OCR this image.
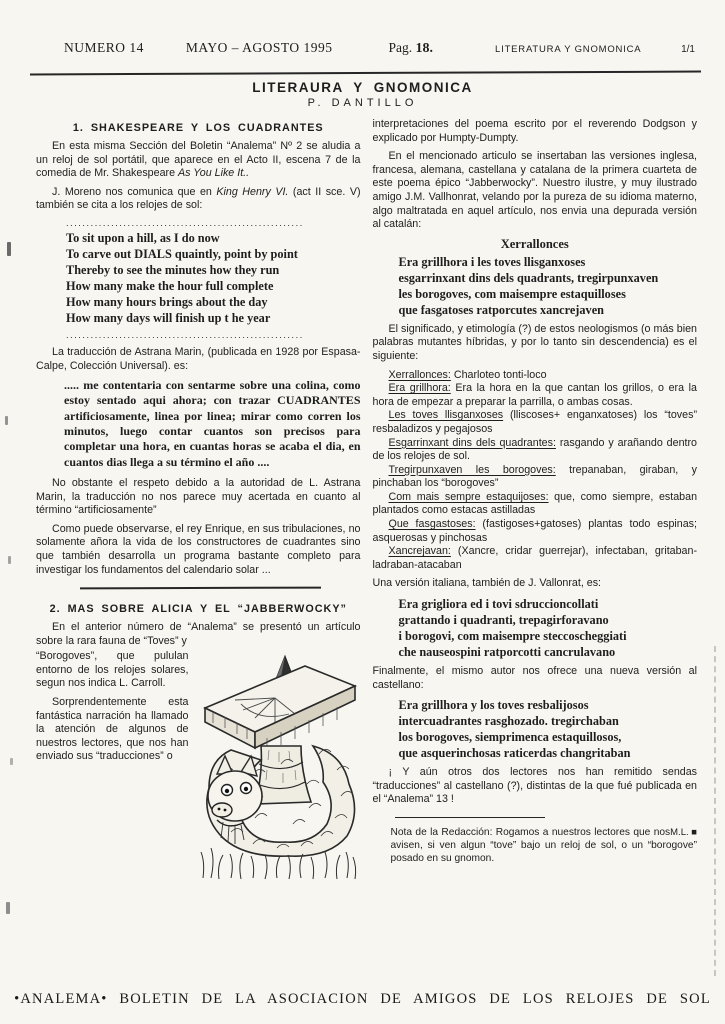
NUMERO 14	MAYO – AGOSTO 1995	Pag. 18.	LITERATURA Y GNOMONICA	1/1
LITERAURA Y GNOMONICA
P. DANTILLO
1. SHAKESPEARE Y LOS CUADRANTES

En esta misma Sección del Boletin “Analema” Nº 2 se aludia a un reloj de sol portátil, que aparece en el Acto II, escena 7 de la comedia de Mr. Shakespeare As You Like It..

J. Moreno nos comunica que en King Henry VI. (act II sce. V) también se cita a los relojes de sol:

..........................................................
To sit upon a hill, as I do now
To carve out DIALS quaintly, point by point
Thereby to see the minutes how they run
How many make the hour full complete
How many hours brings about the day
How many days will finish up t he year
..........................................................

La traducción de Astrana Marin, (publicada en 1928 por Espasa-Calpe, Colección Universal). es:

..... me contentaria con sentarme sobre una colina, como estoy sentado aqui ahora; con trazar CUADRANTES artificiosamente, linea por linea; mirar como corren los minutos, luego contar cuantos son precisos para completar una hora, en cuantas horas se acaba el dia, en cuantos dias llega a su término el año ....

No obstante el respeto debido a la autoridad de L. Astrana Marin, la traducción no nos parece muy acertada en cuanto al término “artificiosamente”

Como puede observarse, el rey Enrique, en sus tribulaciones, no solamente añora la vida de los constructores de cuadrantes sino que también desarrolla un programa bastante completo para investigar los fundamentos del calendario solar ...

2. MAS SOBRE ALICIA Y EL “JABBERWOCKY”

En el anterior número de “Analema” se presentó un artículo sobre la rara fauna de “Toves” y

“Borogoves”, que pululan entorno de los relojes solares, segun nos indica L. Carroll.

Sorprendentemente esta fantástica narración ha llamado la atención de algunos de nuestros lectores, que nos han enviado sus “traducciones” o

interpretaciones del poema escrito por el reverendo Dodgson y explicado por Humpty-Dumpty.

En el mencionado articulo se insertaban las versiones inglesa, francesa, alemana, castellana y catalana de la primera cuarteta de este poema épico “Jabberwocky”. Nuestro ilustre, y muy ilustrado amigo J.M. Vallhonrat, velando por la pureza de su idioma materno, algo maltratada en aquel artículo, nos envia una depurada versión al catalán:

Xerrallonces
Era grillhora i les toves llisganxoses
esgarrinxant dins dels quadrants, tregirpunxaven
les borogoves, com maisempre estaquilloses
que fasgatoses ratporcutes xancrejaven

El significado, y etimología (?) de estos neologismos (o más bien palabras mutantes híbridas, y por lo tanto sin descendencia) es el siguiente:

Xerrallonces: Charloteo tonti-loco

Era grillhora: Era la hora en la que cantan los grillos, o era la hora de empezar a preparar la parrilla, o ambas cosas.

Les toves llisganxoses (lliscoses+ enganxatoses) los “toves” resbaladizos y pegajosos

Esgarrinxant dins dels quadrantes: rasgando y arañando dentro de los relojes de sol.

Tregirpunxaven les borogoves: trepanaban, giraban, y pinchaban los “borogoves”

Com mais sempre estaquijoses: que, como siempre, estaban plantados como estacas astilladas

Que fasgastoses: (fastigoses+gatoses) plantas todo espinas; asquerosas y pinchosas

Xancrejavan: (Xancre, cridar guerrejar), infectaban, gritaban-ladraban-atacaban

Una versión italiana, también de J. Vallonrat, es:

Era grigliora ed i tovi sdruccioncollati
grattando i quadranti, trepagirforavano
i borogovi, com maisempre steccoscheggiati
che nauseospini ratporcotti cancrulavano

Finalmente, el mismo autor nos ofrece una nueva versión al castellano:

Era grillhora y los toves resbalijosos
intercuadrantes rasghozado. tregirchaban
los borogoves, siemprimenca estaquillosos,
que asquerinchosas raticerdas changritaban

¡ Y aún otros dos lectores nos han remitido sendas “traducciones” al castellano (?), distintas de la que fué publicada en el “Analema” 13 !

M.L. ■
Nota de la Redacción: Rogamos a nuestros lectores que nos avisen, si ven algun “tove” bajo un reloj de sol, o un “borogove” posado en su gnomon.

•ANALEMA• BOLETIN DE LA ASOCIACION DE AMIGOS DE LOS RELOJES DE SOL
